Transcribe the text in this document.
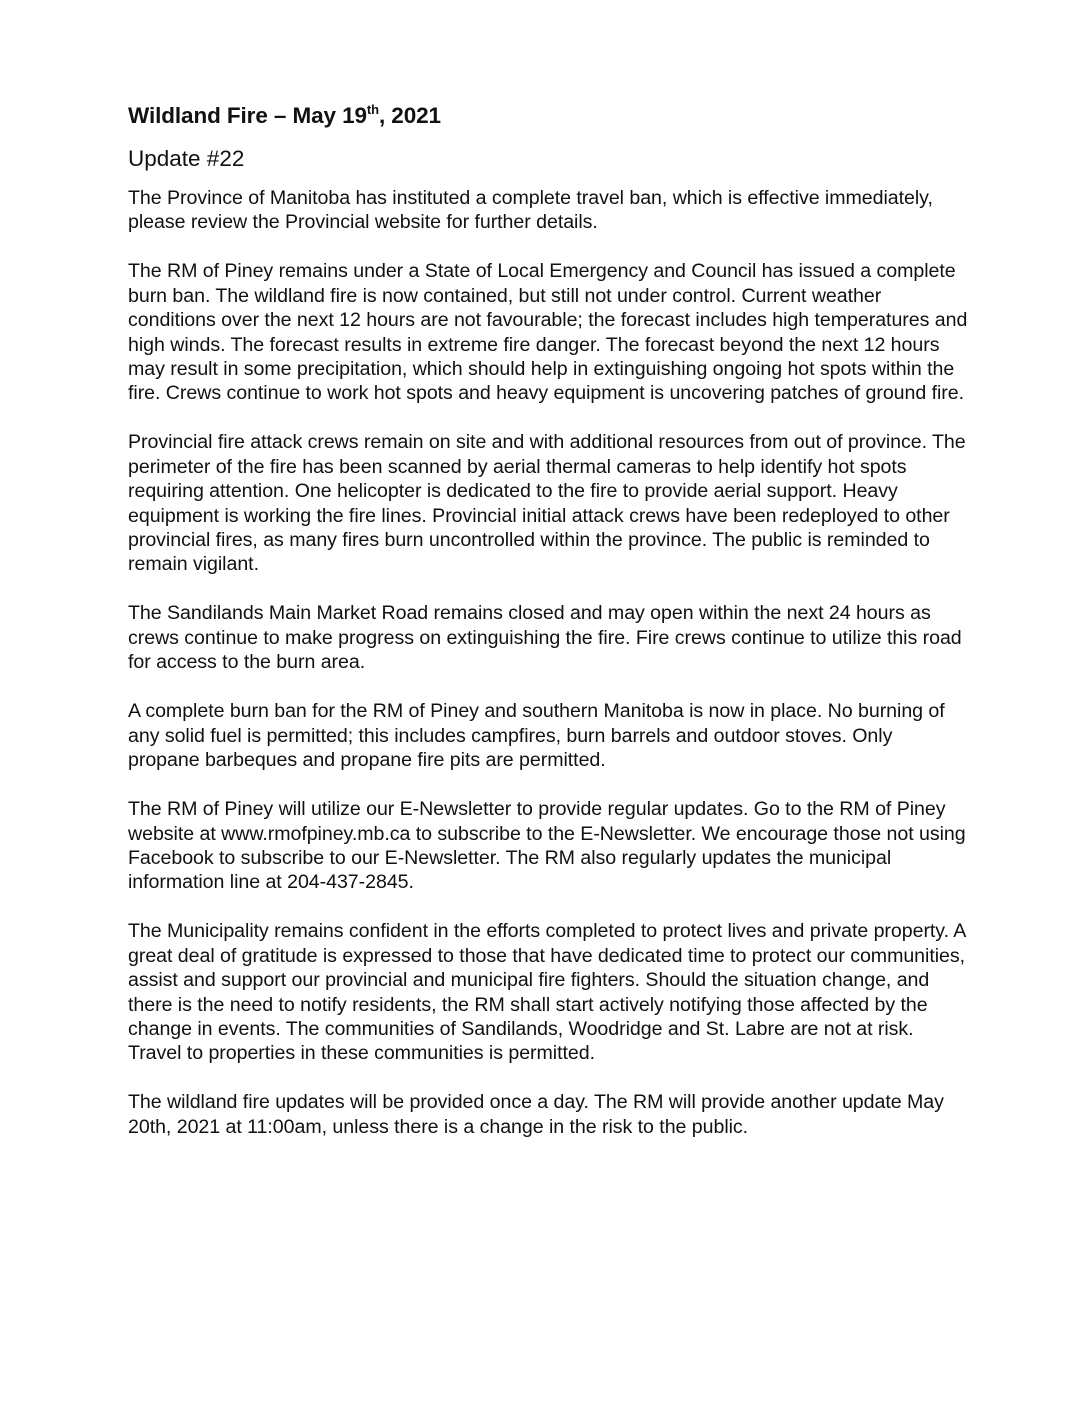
Wildland Fire – May 19th, 2021
Update #22

The Province of Manitoba has instituted a complete travel ban, which is effective immediately, please review the Provincial website for further details.

The RM of Piney remains under a State of Local Emergency and Council has issued a complete burn ban. The wildland fire is now contained, but still not under control. Current weather conditions over the next 12 hours are not favourable; the forecast includes high temperatures and high winds. The forecast results in extreme fire danger. The forecast beyond the next 12 hours may result in some precipitation, which should help in extinguishing ongoing hot spots within the fire. Crews continue to work hot spots and heavy equipment is uncovering patches of ground fire.

Provincial fire attack crews remain on site and with additional resources from out of province. The perimeter of the fire has been scanned by aerial thermal cameras to help identify hot spots requiring attention. One helicopter is dedicated to the fire to provide aerial support. Heavy equipment is working the fire lines. Provincial initial attack crews have been redeployed to other provincial fires, as many fires burn uncontrolled within the province. The public is reminded to remain vigilant.

The Sandilands Main Market Road remains closed and may open within the next 24 hours as crews continue to make progress on extinguishing the fire. Fire crews continue to utilize this road for access to the burn area.

A complete burn ban for the RM of Piney and southern Manitoba is now in place. No burning of any solid fuel is permitted; this includes campfires, burn barrels and outdoor stoves. Only propane barbeques and propane fire pits are permitted.

The RM of Piney will utilize our E-Newsletter to provide regular updates. Go to the RM of Piney website at www.rmofpiney.mb.ca to subscribe to the E-Newsletter. We encourage those not using Facebook to subscribe to our E-Newsletter. The RM also regularly updates the municipal information line at 204-437-2845.

The Municipality remains confident in the efforts completed to protect lives and private property. A great deal of gratitude is expressed to those that have dedicated time to protect our communities, assist and support our provincial and municipal fire fighters. Should the situation change, and there is the need to notify residents, the RM shall start actively notifying those affected by the change in events. The communities of Sandilands, Woodridge and St. Labre are not at risk. Travel to properties in these communities is permitted.

The wildland fire updates will be provided once a day. The RM will provide another update May 20th, 2021 at 11:00am, unless there is a change in the risk to the public.
